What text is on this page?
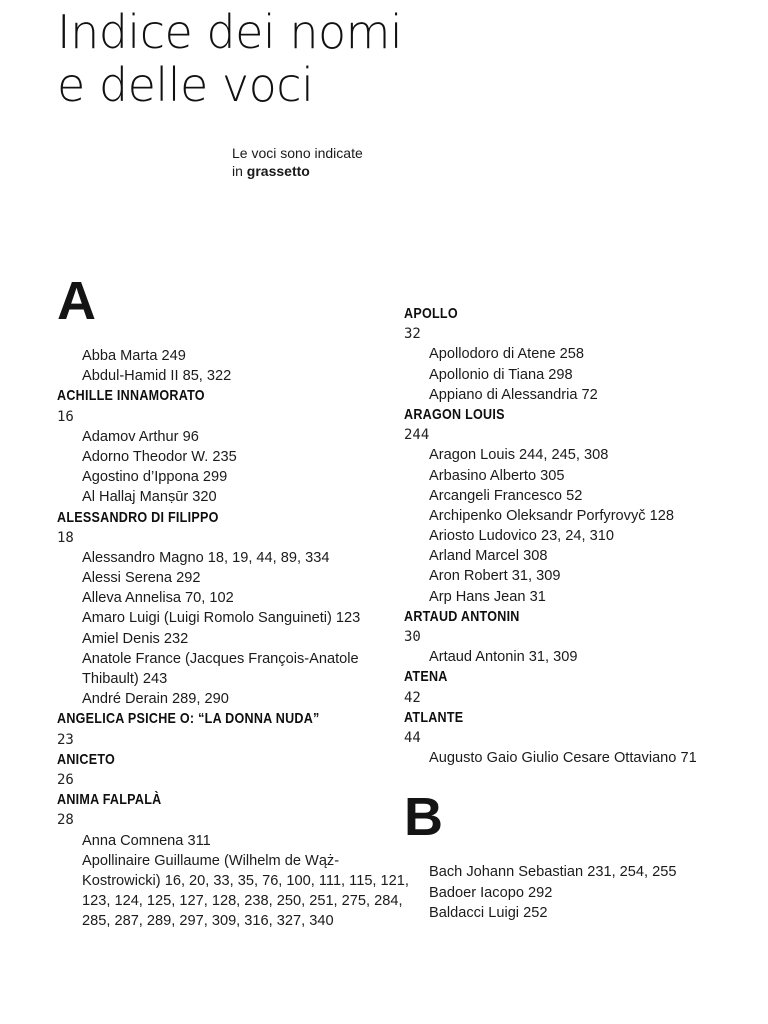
Indice dei nomi
e delle voci
Le voci sono indicate
in grassetto
A
Abba Marta 249
Abdul-Hamid II 85, 322
ACHILLE INNAMORATO
16
Adamov Arthur 96
Adorno Theodor W. 235
Agostino d’Ippona 299
Al Hallaj Manṣūr 320
ALESSANDRO DI FILIPPO
18
Alessandro Magno 18, 19, 44, 89, 334
Alessi Serena 292
Alleva Annelisa 70, 102
Amaro Luigi (Luigi Romolo Sanguineti) 123
Amiel Denis 232
Anatole France (Jacques François-Anatole
Thibault) 243
André Derain 289, 290
ANGELICA PSICHE O: “LA DONNA NUDA”
23
ANICETO
26
ANIMA FALPALÀ
28
Anna Comnena 311
Apollinaire Guillaume (Wilhelm de Wąż-
Kostrowicki) 16, 20, 33, 35, 76, 100, 111, 115, 121,
123, 124, 125, 127, 128, 238, 250, 251, 275, 284,
285, 287, 289, 297, 309, 316, 327, 340
APOLLO
32
Apollodoro di Atene 258
Apollonio di Tiana 298
Appiano di Alessandria 72
ARAGON LOUIS
244
Aragon Louis 244, 245, 308
Arbasino Alberto 305
Arcangeli Francesco 52
Archipenko Oleksandr Porfyrovyč 128
Ariosto Ludovico 23, 24, 310
Arland Marcel 308
Aron Robert 31, 309
Arp Hans Jean 31
ARTAUD ANTONIN
30
Artaud Antonin 31, 309
ATENA
42
ATLANTE
44
Augusto Gaio Giulio Cesare Ottaviano 71
B
Bach Johann Sebastian 231, 254, 255
Badoer Iacopo 292
Baldacci Luigi 252
